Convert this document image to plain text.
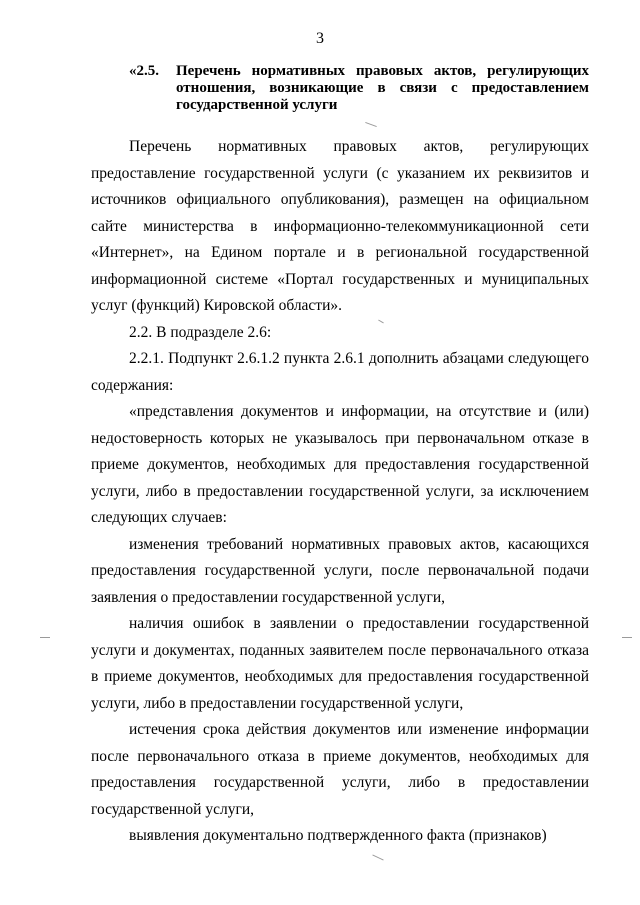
3
«2.5. Перечень нормативных правовых актов, регулирующих отношения, возникающие в связи с предоставлением государственной услуги

Перечень нормативных правовых актов, регулирующих предоставление государственной услуги (с указанием их реквизитов и источников официального опубликования), размещен на официальном сайте министерства в информационно-телекоммуникационной сети «Интернет», на Едином портале и в региональной государственной информационной системе «Портал государственных и муниципальных услуг (функций) Кировской области».

2.2. В подразделе 2.6:

2.2.1. Подпункт 2.6.1.2 пункта 2.6.1 дополнить абзацами следующего содержания:

«представления документов и информации, на отсутствие и (или) недостоверность которых не указывалось при первоначальном отказе в приеме документов, необходимых для предоставления государственной услуги, либо в предоставлении государственной услуги, за исключением следующих случаев:

изменения требований нормативных правовых актов, касающихся предоставления государственной услуги, после первоначальной подачи заявления о предоставлении государственной услуги,

наличия ошибок в заявлении о предоставлении государственной услуги и документах, поданных заявителем после первоначального отказа в приеме документов, необходимых для предоставления государственной услуги, либо в предоставлении государственной услуги,

истечения срока действия документов или изменение информации после первоначального отказа в приеме документов, необходимых для предоставления государственной услуги, либо в предоставлении государственной услуги,

выявления документально подтвержденного факта (признаков)
